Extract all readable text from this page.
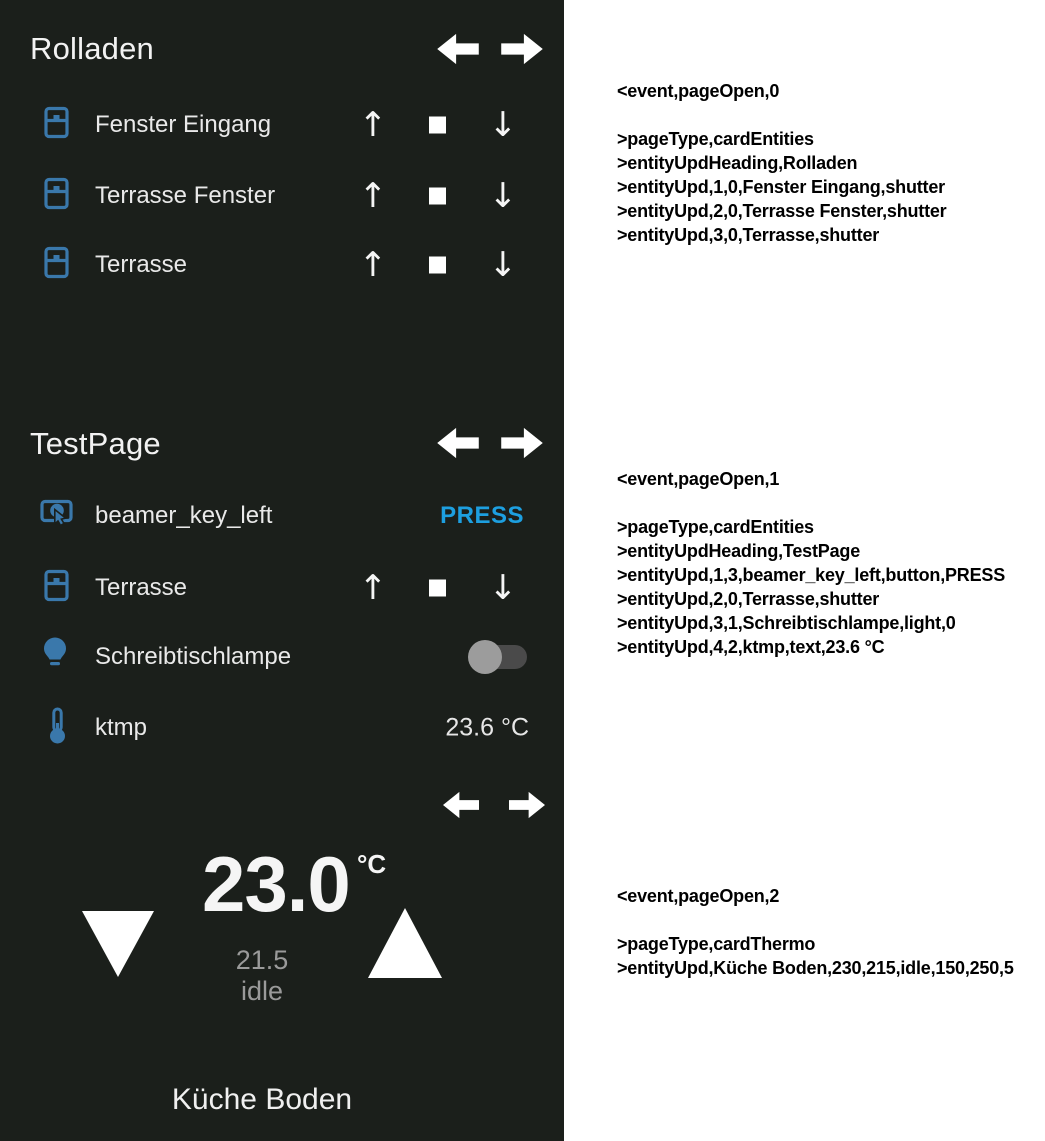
Rolladen
Fenster Eingang	↑	↓
Terrasse Fenster ↑	↓
Terrasse	↑	↓
TestPage
beamer_key_left	PRESS
Terrasse	↑	↓
Schreibtischlampe
ktmp	23.6 °C
23.0 °C
21.5
idle
Küche Boden
<event,pageOpen,0
>pageType,cardEntities
>entityUpdHeading,Rolladen
>entityUpd,1,0,Fenster Eingang,shutter
>entityUpd,2,0,Terrasse Fenster,shutter
>entityUpd,3,0,Terrasse,shutter
<event,pageOpen,1
>pageType,cardEntities
>entityUpdHeading,TestPage
>entityUpd,1,3,beamer_key_left,button,PRESS
>entityUpd,2,0,Terrasse,shutter
>entityUpd,3,1,Schreibtischlampe,light,0
>entityUpd,4,2,ktmp,text,23.6 °C
<event,pageOpen,2
>pageType,cardThermo
>entityUpd,Küche Boden,230,215,idle,150,250,5
